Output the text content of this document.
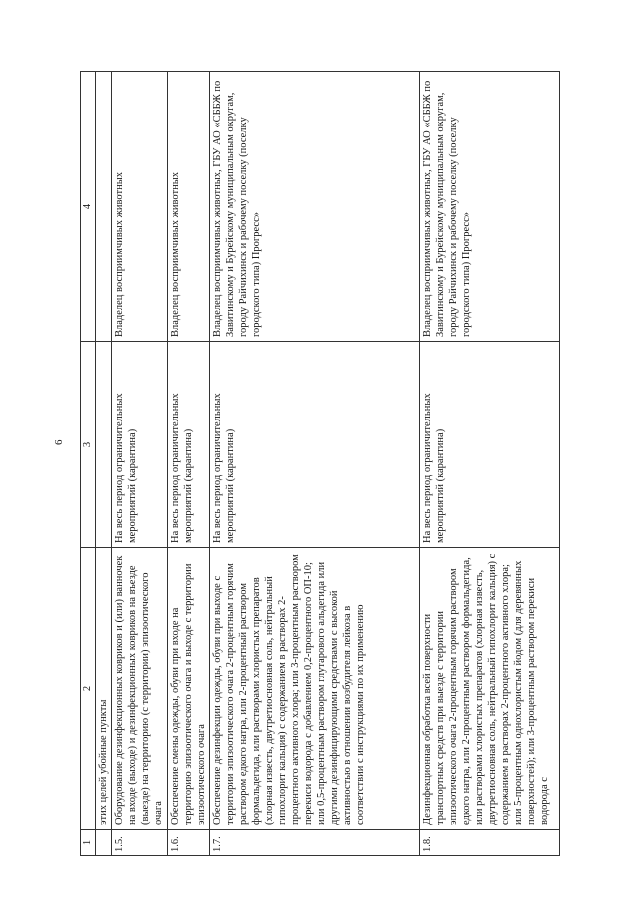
6
1	2	3	4
	этих целей убойные пункты		
1.5.	Оборудование дезинфекционных ковриков и (или) ванночек на входе (выходе) и дезинфекционных ковриков на въезде (выезде) на территорию (с территории) эпизоотического очага	На весь период ограничительных мероприятий (карантина)	Владелец восприимчивых животных
1.6.	Обеспечение смены одежды, обуви при входе на территорию эпизоотического очага и выходе с территории эпизоотического очага	На весь период ограничительных мероприятий (карантина)	Владелец восприимчивых животных
1.7.	Обеспечение дезинфекции одежды, обуви при выходе с территории эпизоотического очага 2-процентным горячим раствором едкого натра, или 2-процентный раствором формальдегида, или растворами хлористых препаратов (хлорная известь, двутретиосновная соль, нейтральный гипохлорит кальция) с содержанием в растворах 2-процентного активного хлора; или 3-процентным раствором перекиси водорода с добавлением 0,2-процентного ОП-10; или 0,5-процентным раствором глутарового альдегида или другими дезинфицирующими средствами с высокой активностью в отношении возбудителя лейкоза в соответствии с инструкциями по их применению	На весь период ограничительных мероприятий (карантина)	Владелец восприимчивых животных, ГБУ АО «СББЖ по Завитинскому и Бурейскому муниципальным округам, городу Райчихинск и рабочему поселку (поселку городского типа) Прогресс»
1.8.	Дезинфекционная обработка всей поверхности транспортных средств при выезде с территории эпизоотического очага 2-процентным горячим раствором едкого натра, или 2-процентным раствором формальдегида, или растворами хлористых препаратов (хлорная известь, двутретиосновная соль, нейтральный гипохлорит кальция) с содержанием в растворах 2-процентного активного хлора; или 5-процентным однохлористым йодом (для деревянных поверхностей); или 3-процентным раствором перекиси водорода с	На весь период ограничительных мероприятий (карантина)	Владелец восприимчивых животных, ГБУ АО «СББЖ по Завитинскому и Бурейскому муниципальным округам, городу Райчихинск и рабочему поселку (поселку городского типа) Прогресс»
